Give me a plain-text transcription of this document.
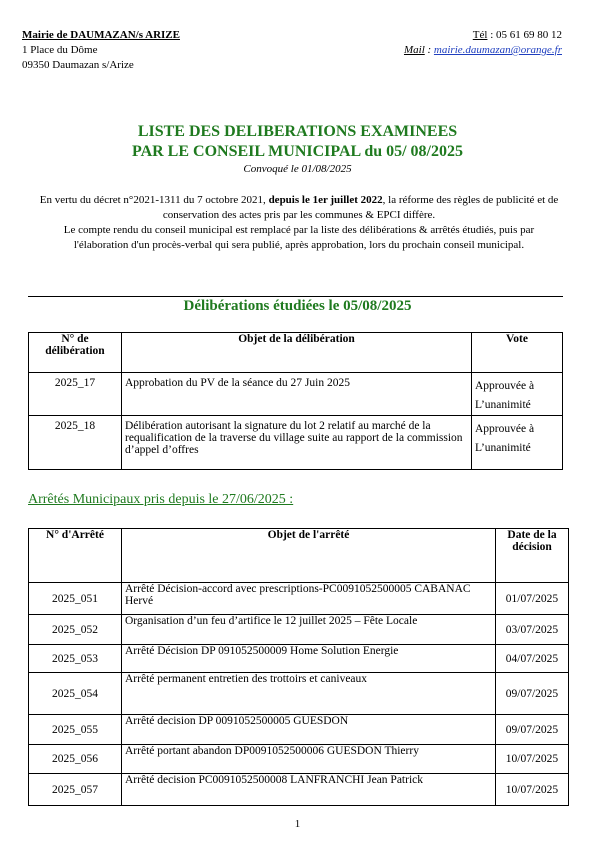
Mairie de DAUMAZAN/s ARIZE
1 Place du Dôme
09350 Daumazan s/Arize
Tél : 05 61 69 80 12
Mail : mairie.daumazan@orange.fr
LISTE DES DELIBERATIONS EXAMINEES
PAR LE CONSEIL MUNICIPAL du 05/ 08/2025
Convoqué le 01/08/2025
En vertu du décret n°2021-1311 du 7 octobre 2021, depuis le 1er juillet 2022, la réforme des règles de publicité et de conservation des actes pris par les communes & EPCI diffère.
Le compte rendu du conseil municipal est remplacé par la liste des délibérations & arrêtés étudiés, puis par l'élaboration d'un procès-verbal qui sera publié, après approbation, lors du prochain conseil municipal.
Délibérations étudiées le 05/08/2025
N° de délibération	Objet de la délibération	Vote
2025_17	Approbation du PV de la séance du 27 Juin 2025	Approuvée à L’unanimité
2025_18	Délibération autorisant la signature du lot 2 relatif au marché de la requalification de la traverse du village suite au rapport de la commission d’appel d’offres	Approuvée à L’unanimité
Arrêtés Municipaux pris depuis le 27/06/2025 :
N° d'Arrêté	Objet de l'arrêté	Date de la décision
2025_051	Arrêté Décision-accord avec prescriptions-PC0091052500005 CABANAC Hervé	01/07/2025
2025_052	Organisation d’un feu d’artifice le 12 juillet 2025 – Fête Locale	03/07/2025
2025_053	Arrêté Décision DP 091052500009 Home Solution Energie	04/07/2025
2025_054	Arrêté permanent entretien des trottoirs et caniveaux	09/07/2025
2025_055	Arrêté decision DP 0091052500005 GUESDON	09/07/2025
2025_056	Arrêté portant abandon DP0091052500006 GUESDON Thierry	10/07/2025
2025_057	Arrêté decision PC0091052500008 LANFRANCHI Jean Patrick	10/07/2025
1
